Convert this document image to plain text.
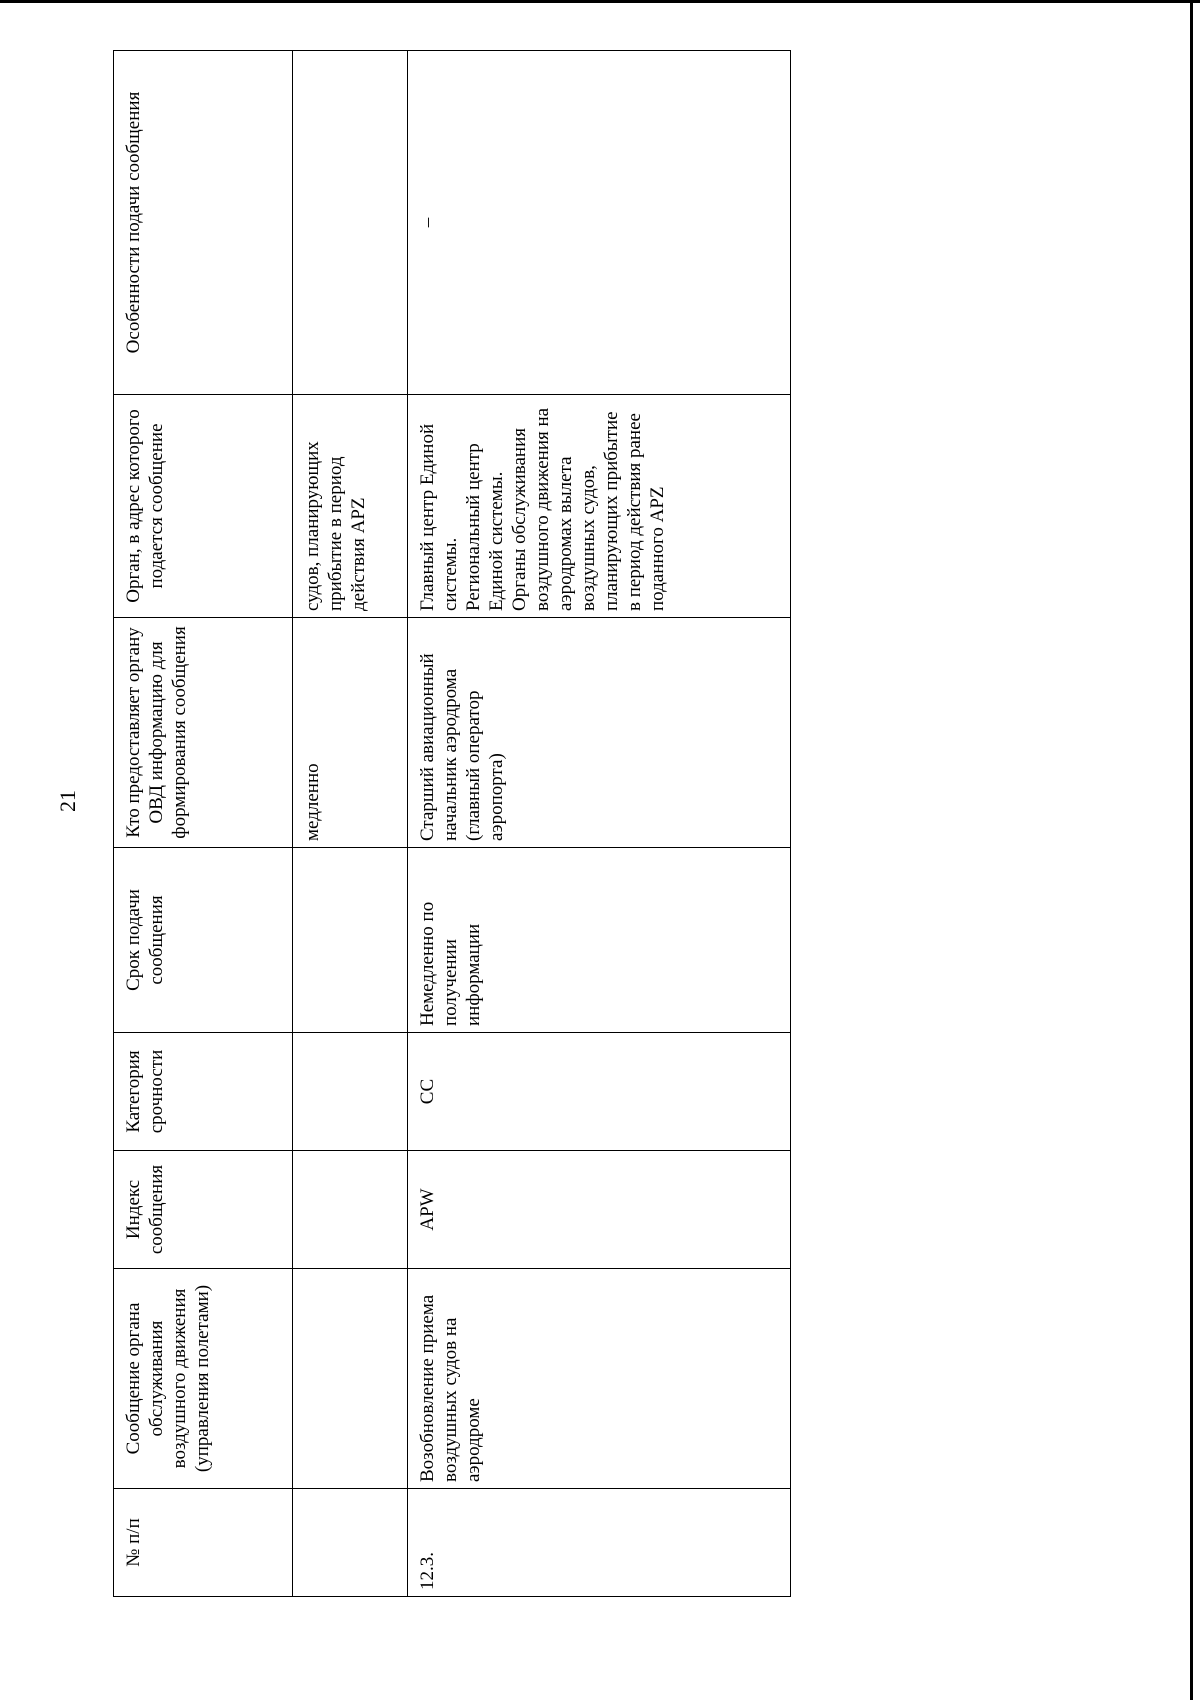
21
№ п/п	Сообщение органа обслуживания воздушного движения (управления полетами)	Индекс сообщения	Категория срочности	Срок подачи сообщения	Кто предоставляет органу ОВД информацию для формирования сообщения	Орган, в адрес которого подается сообщение	Особенности подачи сообщения
					медленно	судов, планирующих прибытие в период действия APZ	
12.3.	Возобновление приема воздушных судов на аэродроме	APW	СС	Немедленно по получении информации	Старший авиационный начальник аэродрома (главный оператор аэропорта)	Главный центр Единой системы. Региональный центр Единой системы. Органы обслуживания воздушного движения на аэродромах вылета воздушных судов, планирующих прибытие в период действия ранее поданного APZ	–
